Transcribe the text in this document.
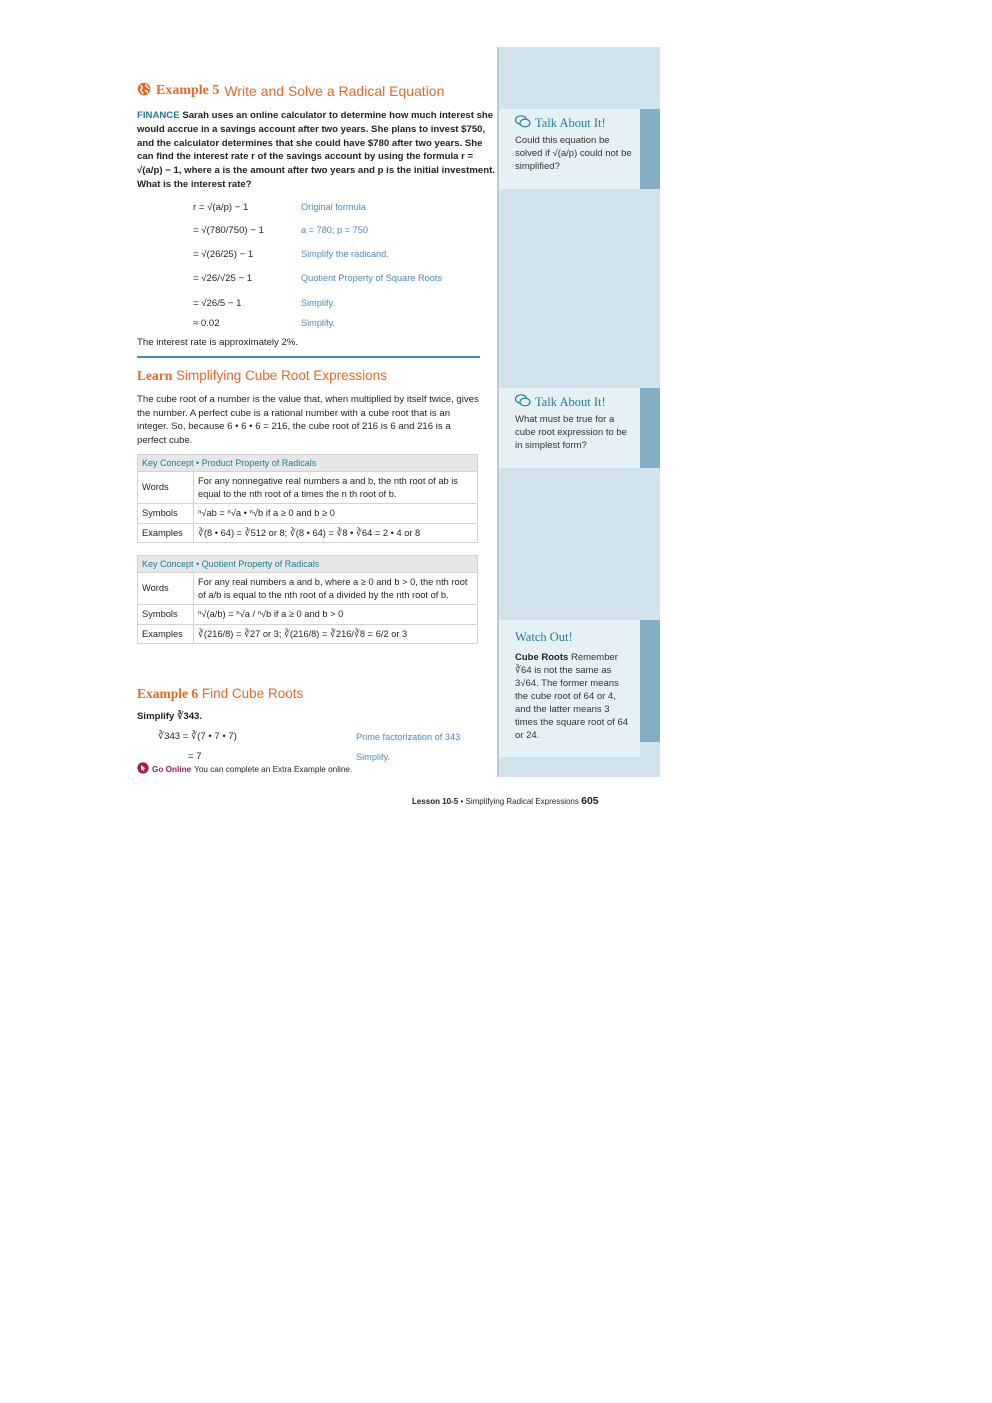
Talk About It!
Could this equation be solved if √(a/p) could not be simplified?
Talk About It!
What must be true for a cube root expression to be in simplest form?
Watch Out!
Cube Roots Remember ∛64 is not the same as 3√64. The former means the cube root of 64 or 4, and the latter means 3 times the square root of 64 or 24.
Example 5 Write and Solve a Radical Equation
FINANCE Sarah uses an online calculator to determine how much interest she would accrue in a savings account after two years. She plans to invest $750, and the calculator determines that she could have $780 after two years. She can find the interest rate r of the savings account by using the formula r = √(a/p) − 1, where a is the amount after two years and p is the initial investment. What is the interest rate?
r = √(a/p) − 1	Original formula
= √(780/750) − 1	a = 780; p = 750
= √(26/25) − 1	Simplify the radicand.
= √26/√25 − 1	Quotient Property of Square Roots
= √26/5 − 1	Simplify.
≈ 0.02	Simplify.
The interest rate is approximately 2%.
Learn Simplifying Cube Root Expressions
The cube root of a number is the value that, when multiplied by itself twice, gives the number. A perfect cube is a rational number with a cube root that is an integer. So, because 6 • 6 • 6 = 216, the cube root of 216 is 6 and 216 is a perfect cube.
Key Concept • Product Property of Radicals	
Words	For any nonnegative real numbers a and b, the nth root of ab is equal to the nth root of a times the n th root of b.
Symbols	ⁿ√ab = ⁿ√a • ⁿ√b if a ≥ 0 and b ≥ 0
Examples	∛(8 • 64) = ∛512 or 8; ∛(8 • 64) = ∛8 • ∛64 = 2 • 4 or 8
Key Concept • Quotient Property of Radicals	
Words	For any real numbers a and b, where a ≥ 0 and b > 0, the nth root of a/b is equal to the nth root of a divided by the nth root of b.
Symbols	ⁿ√(a/b) = ⁿ√a / ⁿ√b if a ≥ 0 and b > 0
Examples	∛(216/8) = ∛27 or 3; ∛(216/8) = ∛216/∛8 = 6/2 or 3
Example 6 Find Cube Roots
Simplify ∛343.
∛343 = ∛(7 • 7 • 7)	Prime factorization of 343
= 7	Simplify.
Go Online You can complete an Extra Example online.
Lesson 10-5 • Simplifying Radical Expressions 605
